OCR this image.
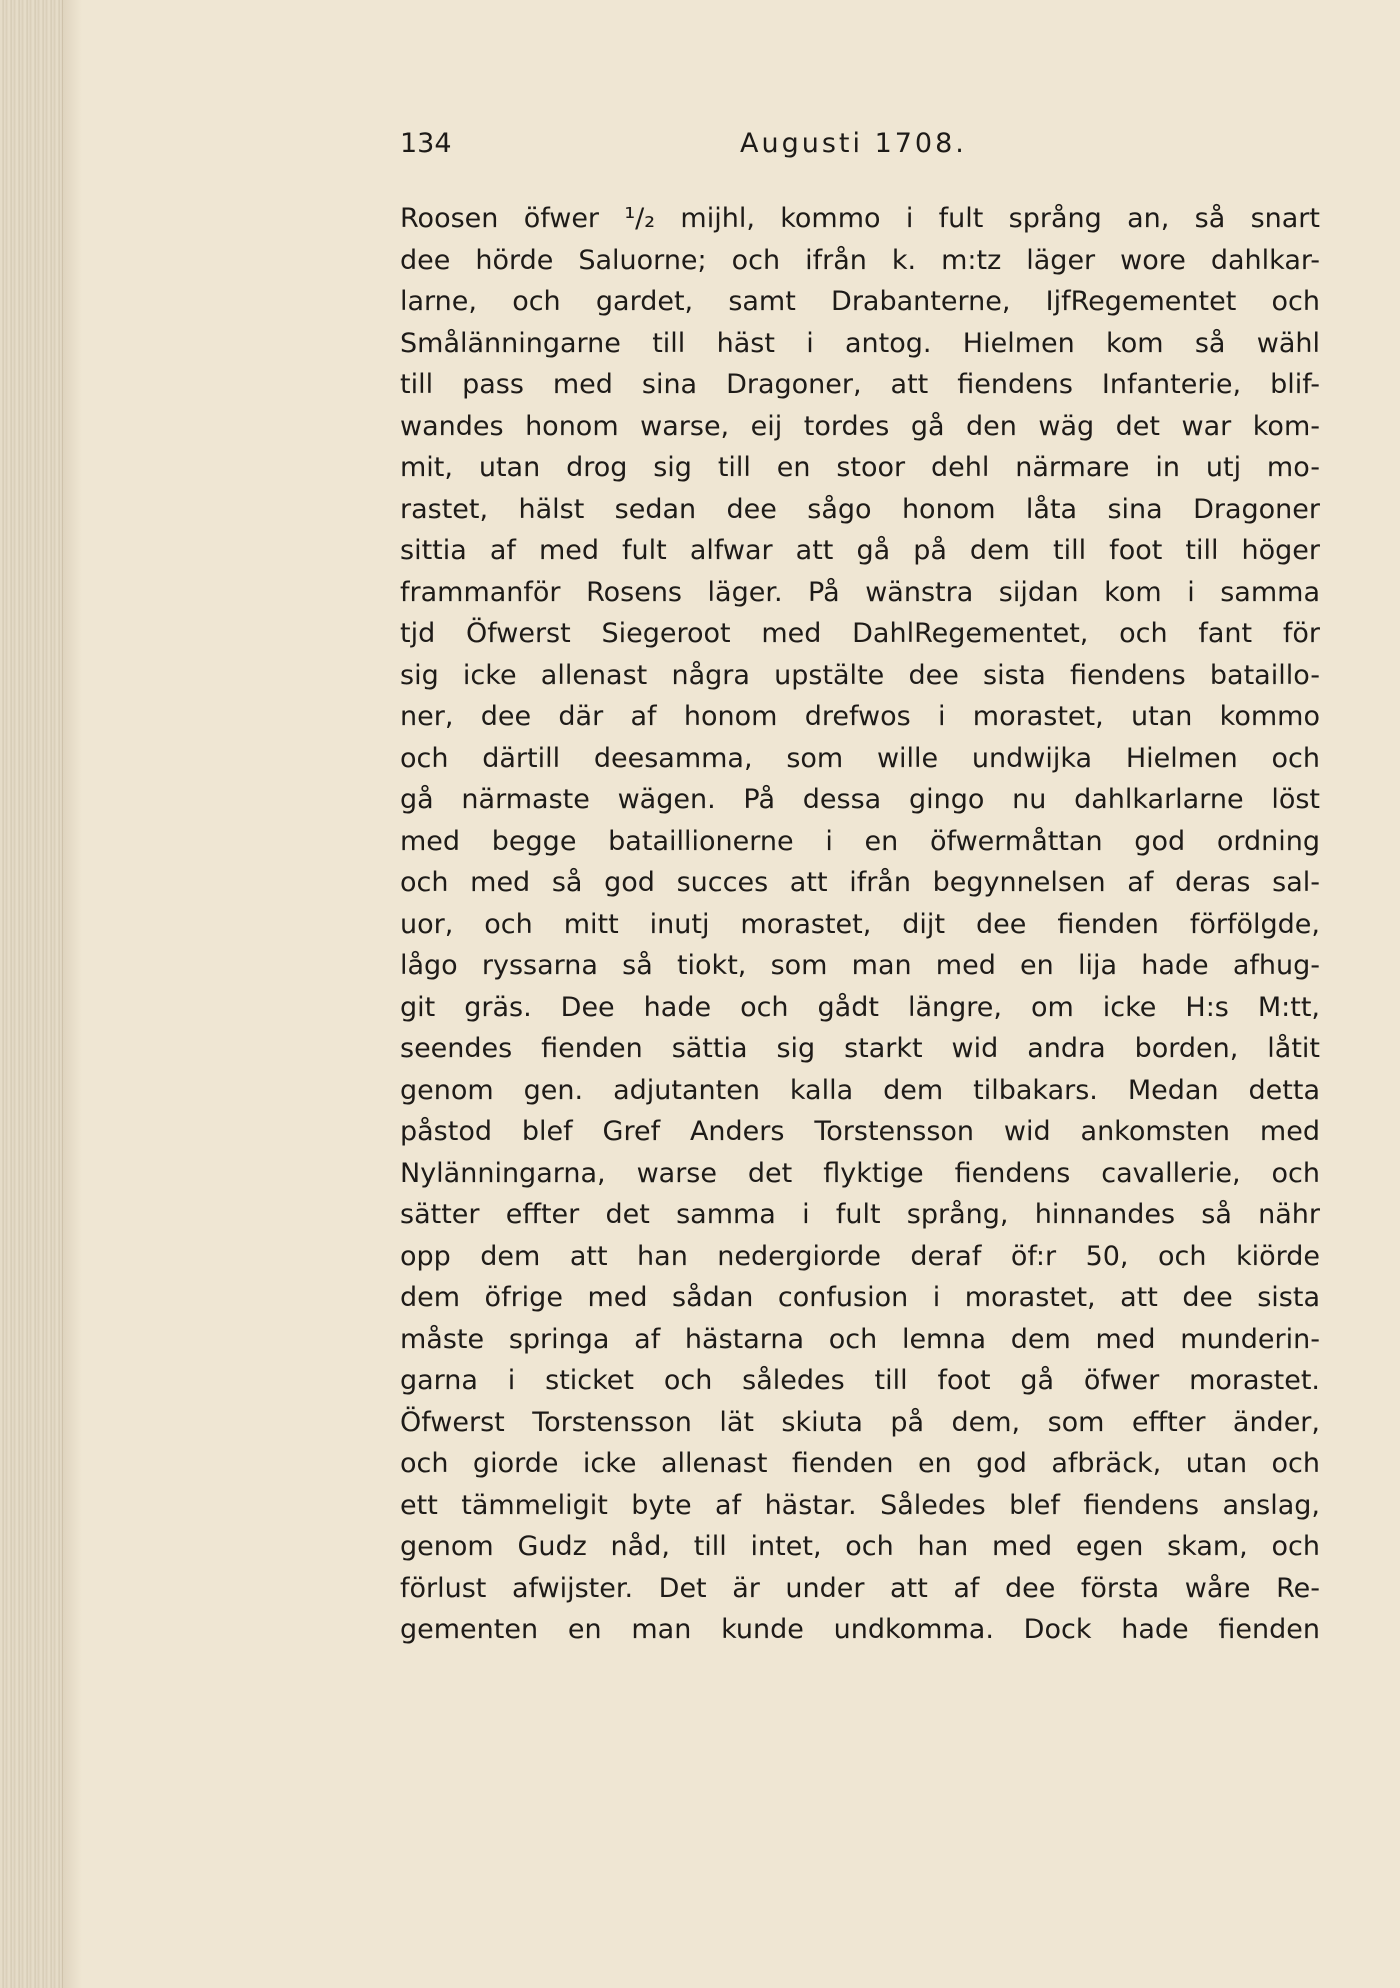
134	Augusti 1708.
Roosen öfwer ¹/₂ mijhl, kommo i fult språng an, så snart
dee hörde Saluorne; och ifrån k. m:tz läger wore dahlkar-
larne, och gardet, samt Drabanterne, IjfRegementet och
Smålänningarne till häst i antog. Hielmen kom så wähl
till pass med sina Dragoner, att fiendens Infanterie, blif-
wandes honom warse, eij tordes gå den wäg det war kom-
mit, utan drog sig till en stoor dehl närmare in utj mo-
rastet, hälst sedan dee sågo honom låta sina Dragoner
sittia af med fult alfwar att gå på dem till foot till höger
frammanför Rosens läger. På wänstra sijdan kom i samma
tjd Öfwerst Siegeroot med DahlRegementet, och fant för
sig icke allenast några upstälte dee sista fiendens bataillo-
ner, dee där af honom drefwos i morastet, utan kommo
och därtill deesamma, som wille undwijka Hielmen och
gå närmaste wägen. På dessa gingo nu dahlkarlarne löst
med begge bataillionerne i en öfwermåttan god ordning
och med så god succes att ifrån begynnelsen af deras sal-
uor, och mitt inutj morastet, dijt dee fienden förfölgde,
lågo ryssarna så tiokt, som man med en lija hade afhug-
git gräs. Dee hade och gådt längre, om icke H:s M:tt,
seendes fienden sättia sig starkt wid andra borden, låtit
genom gen. adjutanten kalla dem tilbakars. Medan detta
påstod blef Gref Anders Torstensson wid ankomsten med
Nylänningarna, warse det flyktige fiendens cavallerie, och
sätter effter det samma i fult språng, hinnandes så nähr
opp dem att han nedergiorde deraf öf:r 50, och kiörde
dem öfrige med sådan confusion i morastet, att dee sista
måste springa af hästarna och lemna dem med munderin-
garna i sticket och således till foot gå öfwer morastet.
Öfwerst Torstensson lät skiuta på dem, som effter änder,
och giorde icke allenast fienden en god afbräck, utan och
ett tämmeligit byte af hästar. Således blef fiendens anslag,
genom Gudz nåd, till intet, och han med egen skam, och
förlust afwijster. Det är under att af dee första wåre Re-
gementen en man kunde undkomma. Dock hade fienden
